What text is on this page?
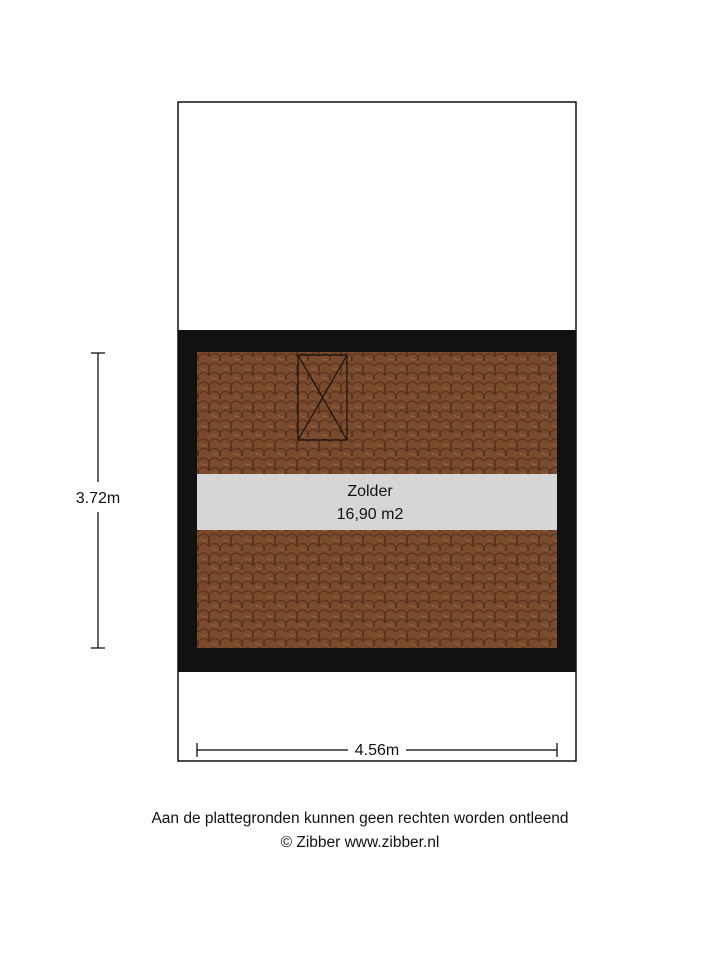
Zolder
16,90 m2
3.72m
4.56m
Aan de plattegronden kunnen geen rechten worden ontleend
© Zibber www.zibber.nl
